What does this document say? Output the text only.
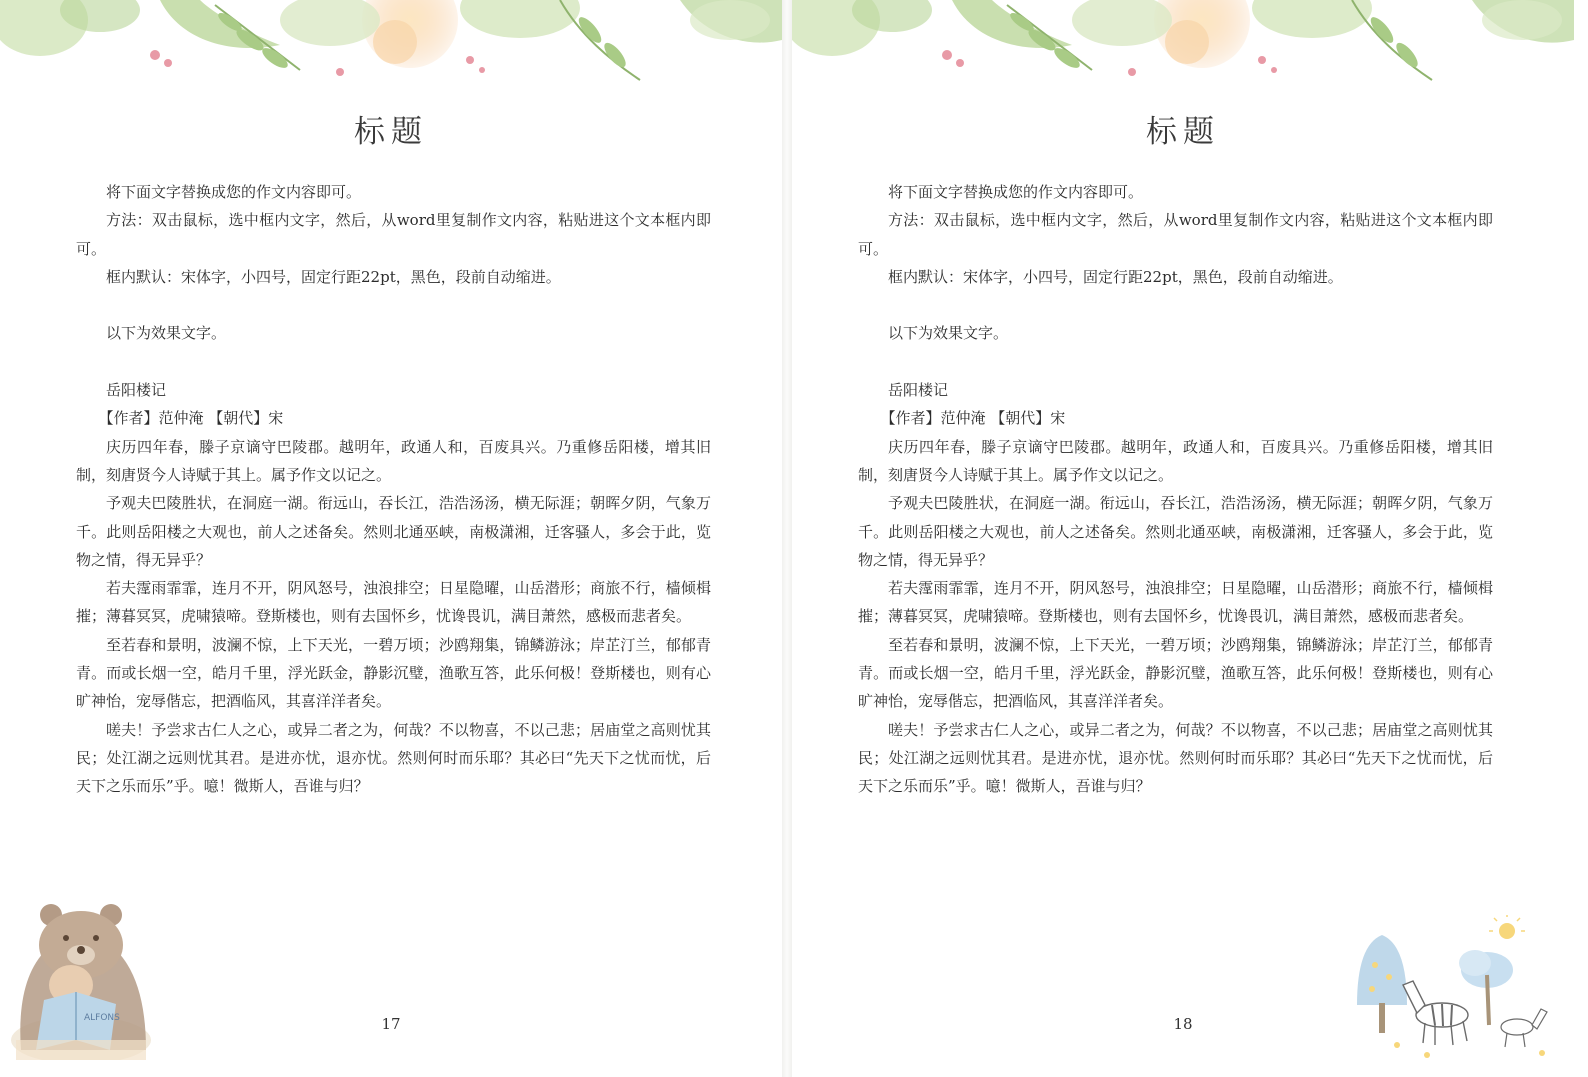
标题

将下面文字替换成您的作文内容即可。

方法：双击鼠标，选中框内文字，然后，从word里复制作文内容，粘贴进这个文本框内即可。

框内默认：宋体字，小四号，固定行距22pt，黑色，段前自动缩进。

以下为效果文字。

岳阳楼记

【作者】范仲淹 【朝代】宋

庆历四年春，滕子京谪守巴陵郡。越明年，政通人和，百废具兴。乃重修岳阳楼，增其旧制，刻唐贤今人诗赋于其上。属予作文以记之。

予观夫巴陵胜状，在洞庭一湖。衔远山，吞长江，浩浩汤汤，横无际涯；朝晖夕阴，气象万千。此则岳阳楼之大观也，前人之述备矣。然则北通巫峡，南极潇湘，迁客骚人，多会于此，览物之情，得无异乎？

若夫霪雨霏霏，连月不开，阴风怒号，浊浪排空；日星隐曜，山岳潜形；商旅不行，樯倾楫摧；薄暮冥冥，虎啸猿啼。登斯楼也，则有去国怀乡，忧谗畏讥，满目萧然，感极而悲者矣。

至若春和景明，波澜不惊，上下天光，一碧万顷；沙鸥翔集，锦鳞游泳；岸芷汀兰，郁郁青青。而或长烟一空，皓月千里，浮光跃金，静影沉璧，渔歌互答，此乐何极！登斯楼也，则有心旷神怡，宠辱偕忘，把酒临风，其喜洋洋者矣。

嗟夫！予尝求古仁人之心，或异二者之为，何哉？不以物喜，不以己悲；居庙堂之高则忧其民；处江湖之远则忧其君。是进亦忧，退亦忧。然则何时而乐耶？其必曰“先天下之忧而忧，后天下之乐而乐”乎。噫！微斯人，吾谁与归？

ALFONS	17
标题

将下面文字替换成您的作文内容即可。

方法：双击鼠标，选中框内文字，然后，从word里复制作文内容，粘贴进这个文本框内即可。

框内默认：宋体字，小四号，固定行距22pt，黑色，段前自动缩进。

以下为效果文字。

岳阳楼记

【作者】范仲淹 【朝代】宋

庆历四年春，滕子京谪守巴陵郡。越明年，政通人和，百废具兴。乃重修岳阳楼，增其旧制，刻唐贤今人诗赋于其上。属予作文以记之。

予观夫巴陵胜状，在洞庭一湖。衔远山，吞长江，浩浩汤汤，横无际涯；朝晖夕阴，气象万千。此则岳阳楼之大观也，前人之述备矣。然则北通巫峡，南极潇湘，迁客骚人，多会于此，览物之情，得无异乎？

若夫霪雨霏霏，连月不开，阴风怒号，浊浪排空；日星隐曜，山岳潜形；商旅不行，樯倾楫摧；薄暮冥冥，虎啸猿啼。登斯楼也，则有去国怀乡，忧谗畏讥，满目萧然，感极而悲者矣。

至若春和景明，波澜不惊，上下天光，一碧万顷；沙鸥翔集，锦鳞游泳；岸芷汀兰，郁郁青青。而或长烟一空，皓月千里，浮光跃金，静影沉璧，渔歌互答，此乐何极！登斯楼也，则有心旷神怡，宠辱偕忘，把酒临风，其喜洋洋者矣。

嗟夫！予尝求古仁人之心，或异二者之为，何哉？不以物喜，不以己悲；居庙堂之高则忧其民；处江湖之远则忧其君。是进亦忧，退亦忧。然则何时而乐耶？其必曰“先天下之忧而忧，后天下之乐而乐”乎。噫！微斯人，吾谁与归？

18
